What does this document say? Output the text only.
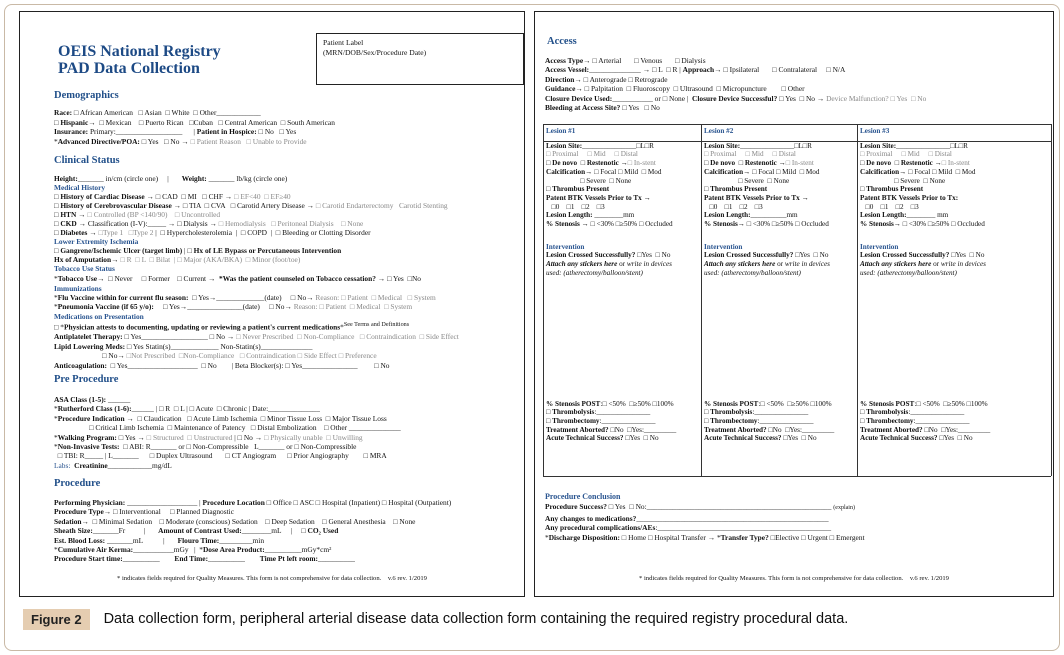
OEIS National Registry
PAD Data Collection
Patient Label
(MRN/DOB/Sex/Procedure Date)
Demographics
Race: □ African American   □ Asian  □ White  □ Other____________
□ Hispanic→  □ Mexican    □ Puerto Rican   □Cuban   □ Central American  □ South American
Insurance: Primary:__________________      | Patient in Hospice: □ No   □ Yes
*Advanced Directive/POA: □ Yes   □ No → □ Patient Reason   □ Unable to Provide
Clinical Status
Height:_______ in/cm (circle one)     |       Weight: _______ lb/kg (circle one)
Medical History
□ History of Cardiac Disease → □ CAD  □ MI   □ CHF → □ EF<40  □ EF≥40
□ History of Cerebrovascular Disease → □ TIA  □ CVA   □ Carotid Artery Disease → □ Carotid Endarterectomy   Carotid Stenting
□ HTN → □ Controlled (BP <140/90)    □ Uncontrolled
□ CKD → Classification (I-V):_____ → □ Dialysis → □ Hemodialysis   □ Peritoneal Dialysis    □ None
□ Diabetes → □Type 1   □Type 2 |  □ Hypercholesterolemia  |  □ COPD  |  □ Bleeding or Clotting Disorder
Lower Extremity Ischemia
□ Gangrene/Ischemic Ulcer (target limb) | □ Hx of LE Bypass or Percutaneous Intervention
Hx of Amputation→ □ R  □ L  □ Bilat  | □ Major (AKA/BKA)  □ Minor (foot/toe)
Tobacco Use Status
*Tobacco Use→  □ Never     □ Former    □ Current →  *Was the patient counseled on Tobacco cessation? → □ Yes  □No
Immunizations
*Flu Vaccine within for current flu season:  □ Yes→_____________(date)     □ No→ Reason: □ Patient  □ Medical   □ System
*Pneumonia Vaccine (if 65 y/o):     □ Yes→_______________(date)     □ No→ Reason: □ Patient  □ Medical  □ System
Medications on Presentation
□ *Physician attests to documenting, updating or reviewing a patient's current medications*$^{See Terms and Definitions}$
Antiplatelet Therapy: □ Yes__________________ □ No → □ Never Prescribed  □ Non-Compliance   □ Contraindication  □ Side Effect
Lipid Lowering Meds: □ Yes Statin(s)_____________ Non-Statin(s)______________
□ No→ □Not Prescribed  □Non-Compliance   □ Contraindication □ Side Effect □ Preference
Anticoagulation:  □ Yes___________________  □ No        | Beta Blocker(s): □ Yes_______________         □ No
Pre Procedure
ASA Class (1-5): ______
*Rutherford Class (1-6):______ | □ R  □ L | □ Acute  □ Chronic | Date:______________
*Procedure Indication →  □ Claudication   □ Acute Limb Ischemia  □ Minor Tissue Loss  □ Major Tissue Loss
□ Critical Limb Ischemia  □ Maintenance of Patency   □ Distal Embolization    □ Other ______________
*Walking Program: □ Yes → □ Structured  □ Unstructured | □ No → □ Physically unable  □ Unwilling
*Non-Invasive Tests:  □ ABI: R_______ or □ Non-Compressible   L_______ or □ Non-Compressible
□ TBI: R_____ | L_______      □ Duplex Ultrasound       □ CT Angiogram      □ Prior Angiography        □ MRA
Labs: Creatinine____________mg/dL
Procedure
Performing Physician: ___________________ | Procedure Location □ Office □ ASC □ Hospital (Inpatient) □ Hospital (Outpatient)
Procedure Type→ □ Interventional     □ Planned Diagnostic
Sedation→  □ Minimal Sedation    □ Moderate (conscious) Sedation    □ Deep Sedation    □ General Anesthesia    □ None
Sheath Size:_______Fr          |       Amount of Contrast Used:________mL     |     □ CO₂ Used
Est. Blood Loss: _______mL           |       Flouro Time:_________min
*Cumulative Air Kerma:___________mGy   |  *Dose Area Product:__________mGy*cm²
Procedure Start time:__________        End Time:__________        Time Pt left room:__________
* indicates fields required for Quality Measures. This form is not comprehensive for data collection.    v.6 rev. 1/2019
Access
Access Type→ □ Arterial       □ Venous       □ Dialysis
Access Vessel:______________ → □ L  □ R | Approach→ □ Ipsilateral       □ Contralateral     □ N/A
Direction→ □ Anterograde □ Retrograde
Guidance→ □ Palpitation  □ Fluoroscopy  □ Ultrasound  □ Micropuncture        □ Other
Closure Device Used:___________ or □ None |  Closure Device Successful? □ Yes  □ No → Device Malfunction? □ Yes  □ No
Bleeding at Access Site? □ Yes   □ No
Lesion #1
Lesion Site:_______________□L□R
□ Proximal     □ Mid     □ Distal
□ De novo  □ Restenotic →□ In-stent
Calcification→ □ Focal □ Mild  □ Mod
□ Severe  □ None
□ Thrombus Present
Patent BTK Vessels Prior to Tx →
□0    □1    □2    □3
Lesion Length: ________mm
% Stenosis → □ <30% □≥50% □ Occluded
Intervention
Lesion Crossed Successfully? □Yes  □ No
Attach any stickers here or write in devices
used: (atherectomy/balloon/stent)
% Stenosis POST:□ <50%  □≥50% □100%
□ Thrombolysis:_______________
□ Thrombectomy:_______________
Treatment Aborted? □No  □Yes:_________
Acute Technical Success? □Yes  □ No
Lesion #2
Lesion Site:_______________□L□R
□ Proximal     □ Mid     □ Distal
□ De novo  □ Restenotic →□ In-stent
Calcification→ □ Focal □ Mild  □ Mod
□ Severe  □ None
□ Thrombus Present
Patent BTK Vessels Prior to Tx →
□0    □1    □2    □3
Lesion Length:__________mm
% Stenosis→ □ <30% □≥50% □ Occluded
Intervention
Lesion Crossed Successfully? □Yes  □ No
Attach any stickers here or write in devices
used: (atherectomy/balloon/stent)
% Stenosis POST:□ <50%  □≥50% □100%
□ Thrombolysis:_______________
□ Thrombectomy:_______________
Treatment Aborted? □No  □Yes:_________
Acute Technical Success? □Yes  □ No
Lesion #3
Lesion Site:_______________□L□R
□ Proximal     □ Mid     □ Distal
□ De novo  □ Restenotic →□ In-stent
Calcification→ □ Focal □ Mild  □ Mod
□ Severe  □ None
□ Thrombus Present
Patent BTK Vessels Prior to Tx:
□0    □1    □2    □3
Lesion Length:________ mm
% Stenosis→ □ <30% □≥50% □ Occluded
Intervention
Lesion Crossed Successfully? □Yes  □ No
Attach any stickers here or write in devices
used: (atherectomy/balloon/stent)
% Stenosis POST:□ <50%  □≥50% □100%
□ Thrombolysis:_______________
□ Thrombectomy:_______________
Treatment Aborted? □No  □Yes:_________
Acute Technical Success? □Yes  □ No
Procedure Conclusion
Procedure Success? □ Yes  □ No:__________________________________________________ (explain)
Any changes to medications?____________________________________________________
Any procedural complications/AEs:_______________________________________________
*Discharge Disposition: □ Home □ Hospital Transfer → *Transfer Type? □Elective □ Urgent □ Emergent
* indicates fields required for Quality Measures. This form is not comprehensive for data collection.    v.6 rev. 1/2019
Figure 2	Data collection form, peripheral arterial disease data collection form containing the required registry procedural data.
